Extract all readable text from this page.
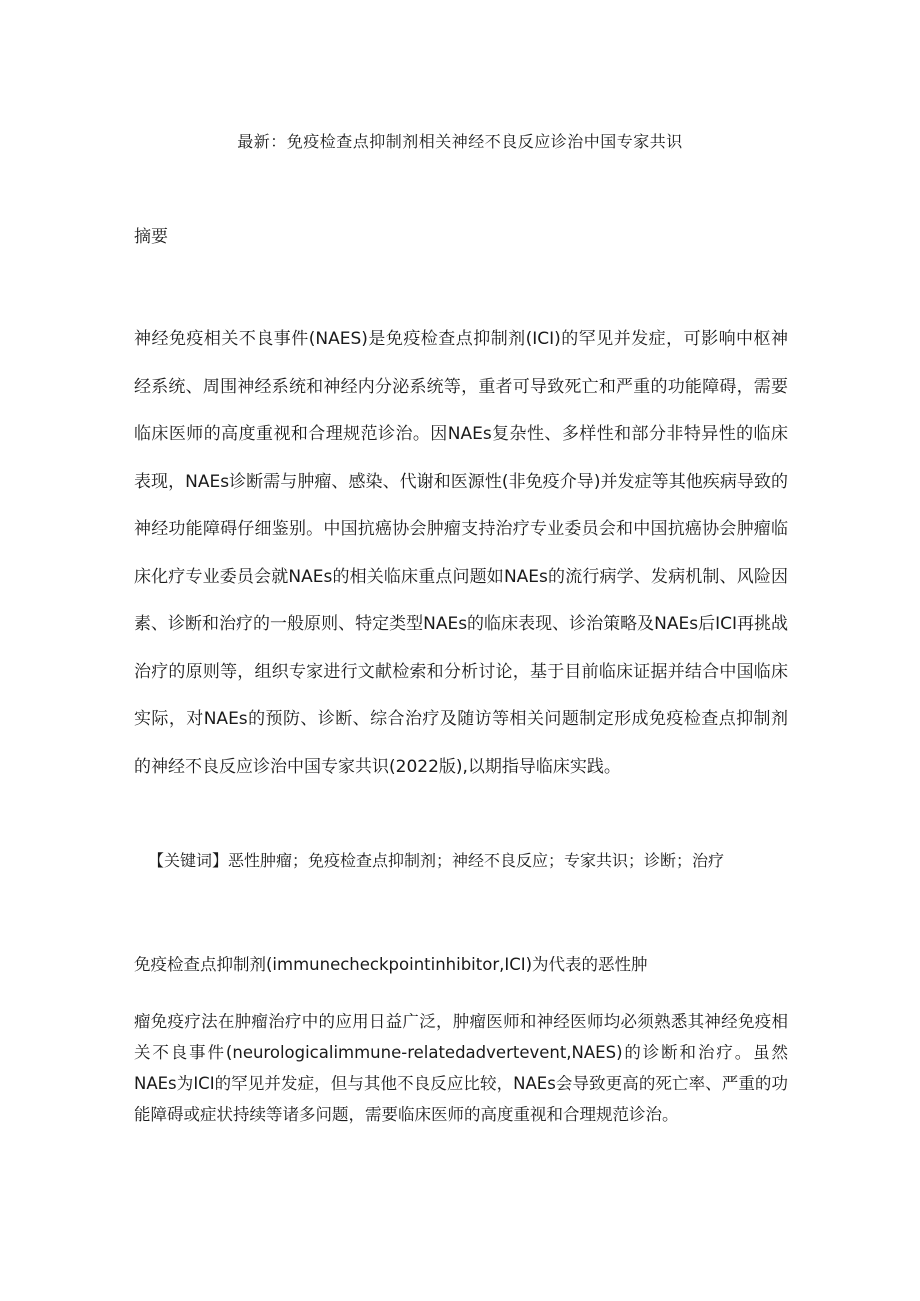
最新：免疫检查点抑制剂相关神经不良反应诊治中国专家共识
摘要

神经免疫相关不良事件(NAES)是免疫检查点抑制剂(ICI)的罕见并发症，可影响中枢神经系统、周围神经系统和神经内分泌系统等，重者可导致死亡和严重的功能障碍，需要临床医师的高度重视和合理规范诊治。因NAEs复杂性、多样性和部分非特异性的临床表现，NAEs诊断需与肿瘤、感染、代谢和医源性(非免疫介导)并发症等其他疾病导致的神经功能障碍仔细鉴别。中国抗癌协会肿瘤支持治疗专业委员会和中国抗癌协会肿瘤临床化疗专业委员会就NAEs的相关临床重点问题如NAEs的流行病学、发病机制、风险因素、诊断和治疗的一般原则、特定类型NAEs的临床表现、诊治策略及NAEs后ICI再挑战治疗的原则等，组织专家进行文献检索和分析讨论，基于目前临床证据并结合中国临床实际，对NAEs的预防、诊断、综合治疗及随访等相关问题制定形成免疫检查点抑制剂的神经不良反应诊治中国专家共识(2022版),以期指导临床实践。

【关键词】恶性肿瘤；免疫检查点抑制剂；神经不良反应；专家共识；诊断；治疗
免疫检查点抑制剂(immunecheckpointinhibitor,ICI)为代表的恶性肿

瘤免疫疗法在肿瘤治疗中的应用日益广泛，肿瘤医师和神经医师均必须熟悉其神经免疫相关不良事件(neurologicalimmune-relatedadvertevent,NAES)的诊断和治疗。虽然NAEs为ICI的罕见并发症，但与其他不良反应比较，NAEs会导致更高的死亡率、严重的功能障碍或症状持续等诸多问题，需要临床医师的高度重视和合理规范诊治。
